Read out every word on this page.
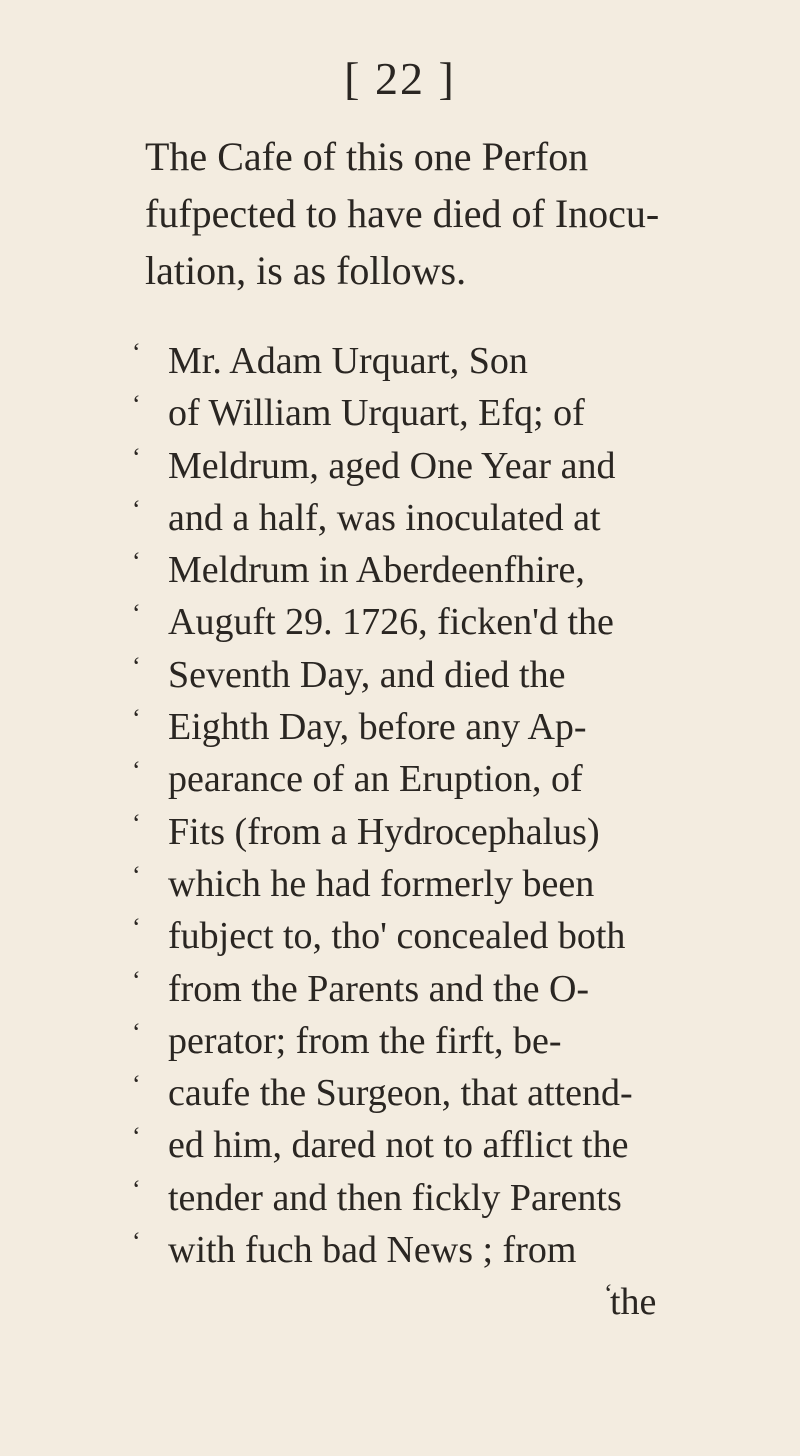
[ 22 ]
The Cafe of this one Perfon
fufpected to have died of Inocu-
lation, is as follows.
‘ Mr. Adam Urquart, Son
‘ of William Urquart, Efq; of
‘ Meldrum, aged One Year and
‘ and a half, was inoculated at
‘ Meldrum in Aberdeenfhire,
‘ Auguft 29. 1726, ficken'd the
‘ Seventh Day, and died the
‘ Eighth Day, before any Ap-
‘ pearance of an Eruption, of
‘ Fits (from a Hydrocephalus)
‘ which he had formerly been
‘ fubject to, tho' concealed both
‘ from the Parents and the O-
‘ perator; from the firft, be-
‘ caufe the Surgeon, that attend-
‘ ed him, dared not to afflict the
‘ tender and then fickly Parents
‘ with fuch bad News ; from
‘
the
